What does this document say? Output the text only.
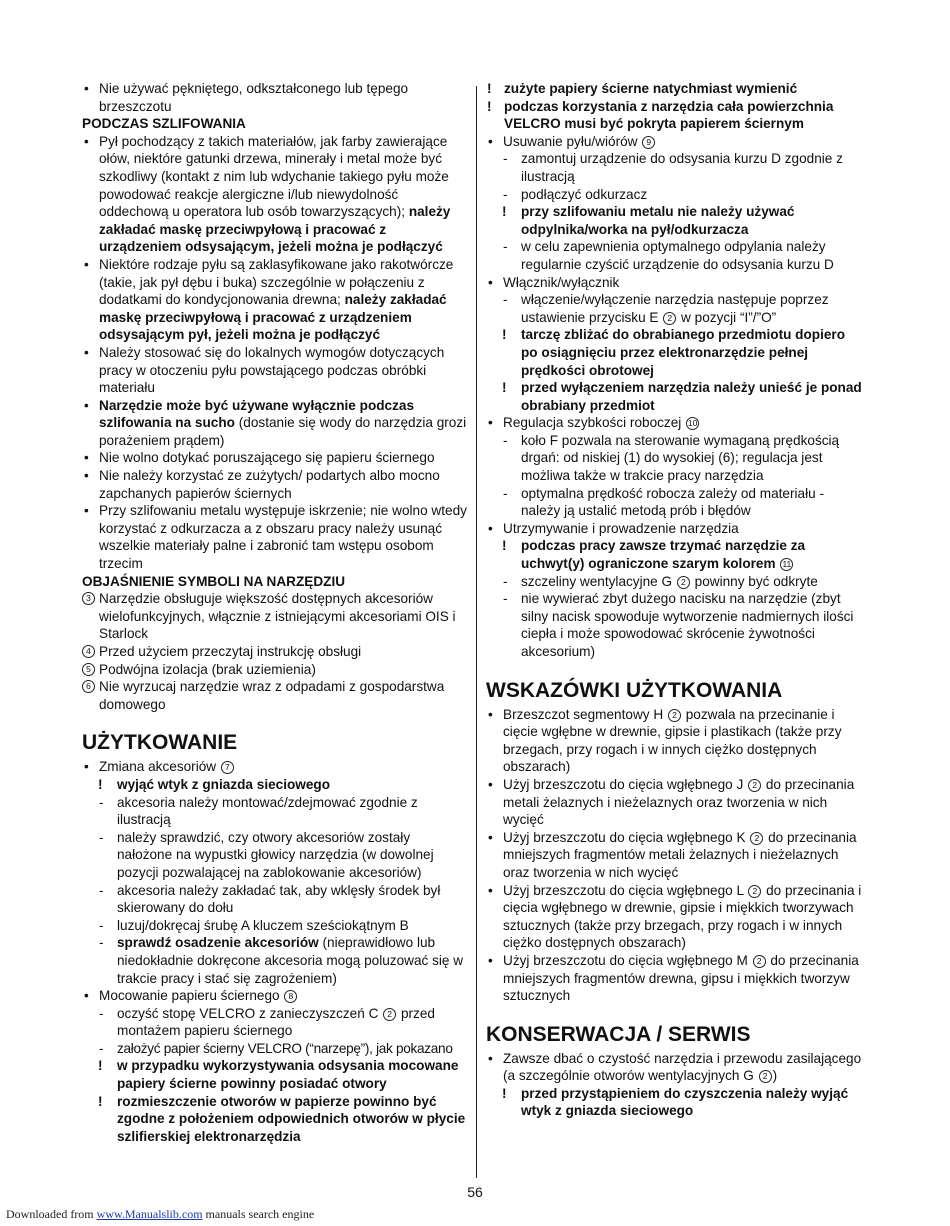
• Nie używać pękniętego, odkształconego lub tępego brzeszczotu
PODCZAS SZLIFOWANIA
• Pył pochodzący z takich materiałów, jak farby zawierające ołów, niektóre gatunki drzewa, minerały i metal może być szkodliwy (kontakt z nim lub wdychanie takiego pyłu może powodować reakcje alergiczne i/lub niewydolność oddechową u operatora lub osób towarzyszących); należy zakładać maskę przeciwpyłową i pracować z urządzeniem odsysającym, jeżeli można je podłączyć
• Niektóre rodzaje pyłu są zaklasyfikowane jako rakotwórcze (takie, jak pył dębu i buka) szczególnie w połączeniu z dodatkami do kondycjonowania drewna; należy zakładać maskę przeciwpyłową i pracować z urządzeniem odsysającym pył, jeżeli można je podłączyć
• Należy stosować się do lokalnych wymogów dotyczących pracy w otoczeniu pyłu powstającego podczas obróbki materiału
• Narzędzie może być używane wyłącznie podczas szlifowania na sucho (dostanie się wody do narzędzia grozi porażeniem prądem)
• Nie wolno dotykać poruszającego się papieru ściernego
• Nie należy korzystać ze zużytych/ podartych albo mocno zapchanych papierów ściernych
• Przy szlifowaniu metalu występuje iskrzenie; nie wolno wtedy korzystać z odkurzacza a z obszaru pracy należy usunąć wszelkie materiały palne i zabronić tam wstępu osobom trzecim
OBJAŚNIENIE SYMBOLI NA NARZĘDZIU
3 Narzędzie obsługuje większość dostępnych akcesoriów wielofunkcyjnych, włącznie z istniejącymi akcesoriami OIS i Starlock
4 Przed użyciem przeczytaj instrukcję obsługi
5 Podwójna izolacja (brak uziemienia)
6 Nie wyrzucaj narzędzie wraz z odpadami z gospodarstwa domowego
UŻYTKOWANIE
• Zmiana akcesoriów 7
! wyjąć wtyk z gniazda sieciowego
- akcesoria należy montować/zdejmować zgodnie z ilustracją
- należy sprawdzić, czy otwory akcesoriów zostały nałożone na wypustki głowicy narzędzia (w dowolnej pozycji pozwalającej na zablokowanie akcesoriów)
- akcesoria należy zakładać tak, aby wklęsły środek był skierowany do dołu
- luzuj/dokręcaj śrubę A kluczem sześciokątnym B
- sprawdź osadzenie akcesoriów (nieprawidłowo lub niedokładnie dokręcone akcesoria mogą poluzować się w trakcie pracy i stać się zagrożeniem)
• Mocowanie papieru ściernego 8
- oczyść stopę VELCRO z zanieczyszczeń C 2 przed montażem papieru ściernego
- założyć papier ścierny VELCRO (“narzepę”), jak pokazano
! w przypadku wykorzystywania odsysania mocowane papiery ścierne powinny posiadać otwory
! rozmieszczenie otworów w papierze powinno być zgodne z położeniem odpowiednich otworów w płycie szlifierskiej elektronarzędzia
! zużyte papiery ścierne natychmiast wymienić
! podczas korzystania z narzędzia cała powierzchnia VELCRO musi być pokryta papierem ściernym
• Usuwanie pyłu/wiórów 9
- zamontuj urządzenie do odsysania kurzu D zgodnie z ilustracją
- podłączyć odkurzacz
! przy szlifowaniu metalu nie należy używać odpylnika/worka na pył/odkurzacza
- w celu zapewnienia optymalnego odpylania należy regularnie czyścić urządzenie do odsysania kurzu D
• Włącznik/wyłącznik
- włączenie/wyłączenie narzędzia następuje poprzez ustawienie przycisku E 2 w pozycji “I”/”O”
! tarczę zbliżać do obrabianego przedmiotu dopiero po osiągnięciu przez elektronarzędzie pełnej prędkości obrotowej
! przed wyłączeniem narzędzia należy unieść je ponad obrabiany przedmiot
• Regulacja szybkości roboczej 10
- koło F pozwala na sterowanie wymaganą prędkością drgań: od niskiej (1) do wysokiej (6); regulacja jest możliwa także w trakcie pracy narzędzia
- optymalna prędkość robocza zależy od materiału - należy ją ustalić metodą prób i błędów
• Utrzymywanie i prowadzenie narzędzia
! podczas pracy zawsze trzymać narzędzie za uchwyt(y) ograniczone szarym kolorem 11
- szczeliny wentylacyjne G 2 powinny być odkryte
- nie wywierać zbyt dużego nacisku na narzędzie (zbyt silny nacisk spowoduje wytworzenie nadmiernych ilości ciepła i może spowodować skrócenie żywotności akcesorium)
WSKAZÓWKI UŻYTKOWANIA
• Brzeszczot segmentowy H 2 pozwala na przecinanie i cięcie wgłębne w drewnie, gipsie i plastikach (także przy brzegach, przy rogach i w innych ciężko dostępnych obszarach)
• Użyj brzeszczotu do cięcia wgłębnego J 2 do przecinania metali żelaznych i nieżelaznych oraz tworzenia w nich wycięć
• Użyj brzeszczotu do cięcia wgłębnego K 2 do przecinania mniejszych fragmentów metali żelaznych i nieżelaznych oraz tworzenia w nich wycięć
• Użyj brzeszczotu do cięcia wgłębnego L 2 do przecinania i cięcia wgłębnego w drewnie, gipsie i miękkich tworzywach sztucznych (także przy brzegach, przy rogach i w innych ciężko dostępnych obszarach)
• Użyj brzeszczotu do cięcia wgłębnego M 2 do przecinania mniejszych fragmentów drewna, gipsu i miękkich tworzyw sztucznych
KONSERWACJA / SERWIS
• Zawsze dbać o czystość narzędzia i przewodu zasilającego (a szczególnie otworów wentylacyjnych G 2 )
! przed przystąpieniem do czyszczenia należy wyjąć wtyk z gniazda sieciowego
56
Downloaded from www.Manualslib.com manuals search engine
